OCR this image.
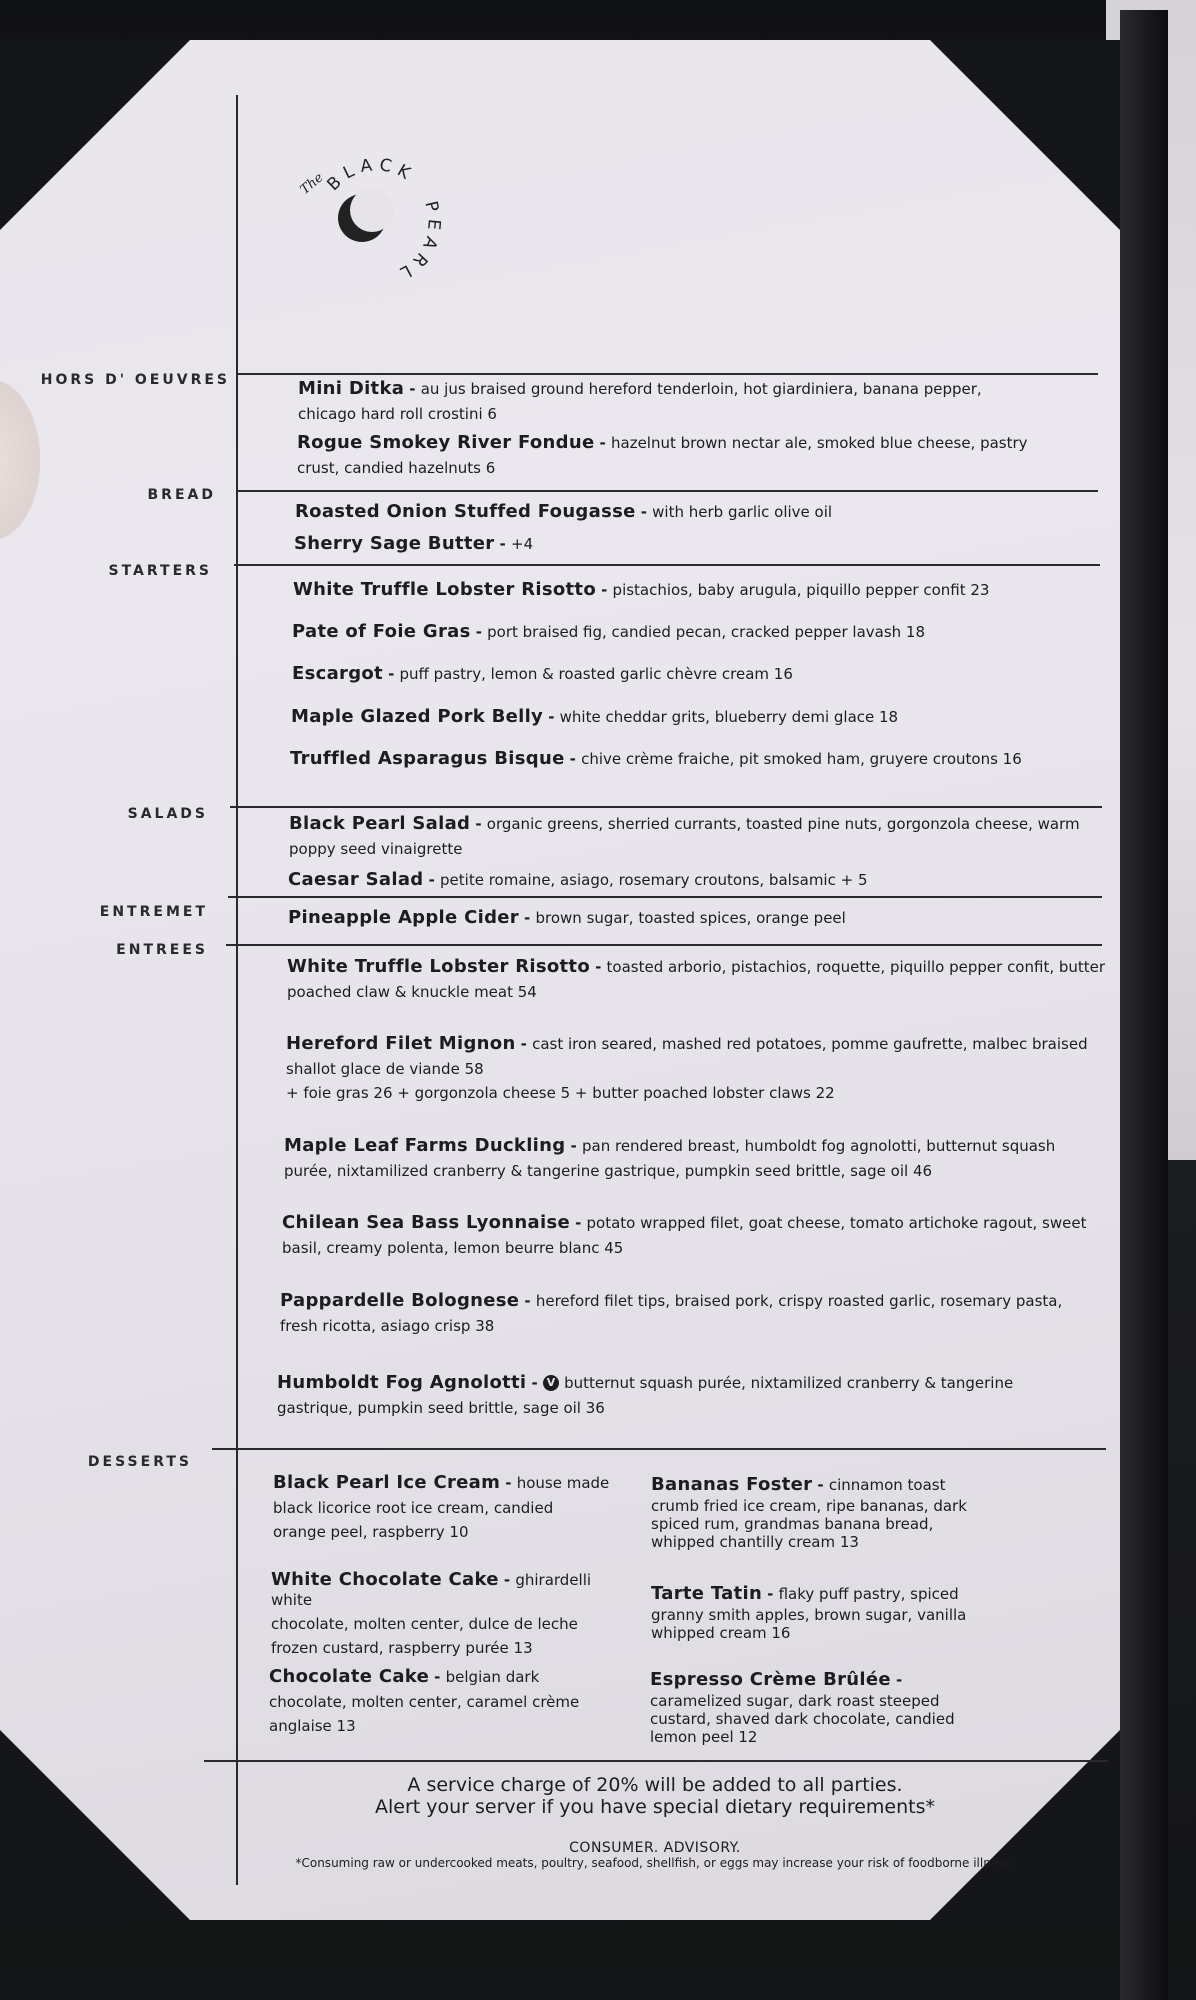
The
BLACK
PEARL
HORS D' OEUVRES
BREAD
STARTERS
SALADS
ENTREMET
ENTREES
DESSERTS
Mini Ditka - au jus braised ground hereford tenderloin, hot giardiniera, banana pepper,
chicago hard roll crostini 6
Rogue Smokey River Fondue - hazelnut brown nectar ale, smoked blue cheese, pastry
crust, candied hazelnuts 6
Roasted Onion Stuffed Fougasse - with herb garlic olive oil
Sherry Sage Butter - +4
White Truffle Lobster Risotto - pistachios, baby arugula, piquillo pepper confit 23
Pate of Foie Gras - port braised fig, candied pecan, cracked pepper lavash 18
Escargot - puff pastry, lemon & roasted garlic chèvre cream 16
Maple Glazed Pork Belly - white cheddar grits, blueberry demi glace 18
Truffled Asparagus Bisque - chive crème fraiche, pit smoked ham, gruyere croutons 16
Black Pearl Salad - organic greens, sherried currants, toasted pine nuts, gorgonzola cheese, warm
poppy seed vinaigrette
Caesar Salad - petite romaine, asiago, rosemary croutons, balsamic + 5
Pineapple Apple Cider - brown sugar, toasted spices, orange peel
White Truffle Lobster Risotto - toasted arborio, pistachios, roquette, piquillo pepper confit, butter
poached claw & knuckle meat 54
Hereford Filet Mignon - cast iron seared, mashed red potatoes, pomme gaufrette, malbec braised
shallot glace de viande 58
+ foie gras 26 + gorgonzola cheese 5 + butter poached lobster claws 22
Maple Leaf Farms Duckling - pan rendered breast, humboldt fog agnolotti, butternut squash
purée, nixtamilized cranberry & tangerine gastrique, pumpkin seed brittle, sage oil 46
Chilean Sea Bass Lyonnaise - potato wrapped filet, goat cheese, tomato artichoke ragout, sweet
basil, creamy polenta, lemon beurre blanc 45
Pappardelle Bolognese - hereford filet tips, braised pork, crispy roasted garlic, rosemary pasta,
fresh ricotta, asiago crisp 38
Humboldt Fog Agnolotti - V butternut squash purée, nixtamilized cranberry & tangerine
gastrique, pumpkin seed brittle, sage oil 36
Black Pearl Ice Cream - house made
black licorice root ice cream, candied
orange peel, raspberry 10
White Chocolate Cake - ghirardelli white
chocolate, molten center, dulce de leche
frozen custard, raspberry purée 13
Chocolate Cake - belgian dark
chocolate, molten center, caramel crème
anglaise 13
Bananas Foster - cinnamon toast
crumb fried ice cream, ripe bananas, dark
spiced rum, grandmas banana bread,
whipped chantilly cream 13
Tarte Tatin - flaky puff pastry, spiced
granny smith apples, brown sugar, vanilla
whipped cream 16
Espresso Crème Brûlée -
caramelized sugar, dark roast steeped
custard, shaved dark chocolate, candied
lemon peel 12
A service charge of 20% will be added to all parties.
Alert your server if you have special dietary requirements*
CONSUMER. ADVISORY.
*Consuming raw or undercooked meats, poultry, seafood, shellfish, or eggs may increase your risk of foodborne illness.
